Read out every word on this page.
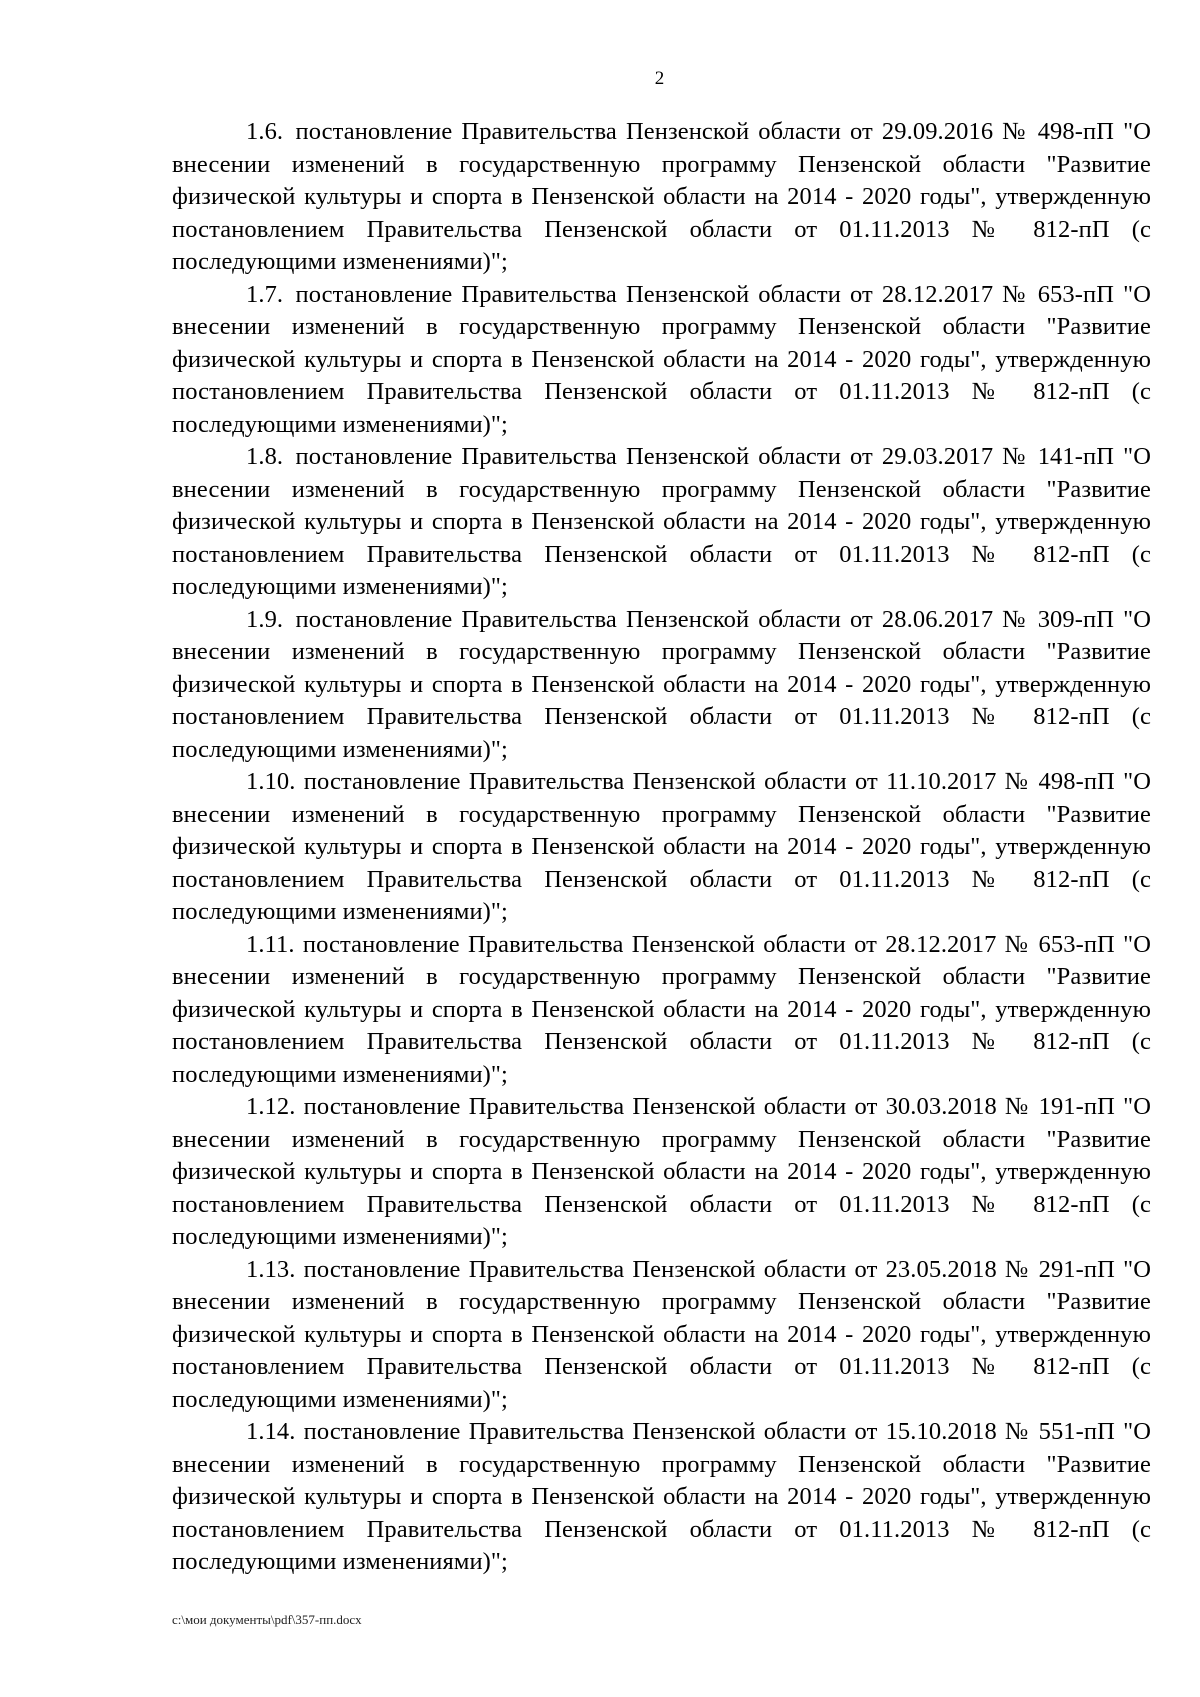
2

1.6. постановление Правительства Пензенской области от 29.09.2016 № 498-пП "О внесении изменений в государственную программу Пензенской области "Развитие физической культуры и спорта в Пензенской области на 2014 - 2020 годы", утвержденную постановлением Правительства Пензенской области от 01.11.2013 № 812-пП (с последующими изменениями)";

1.7. постановление Правительства Пензенской области от 28.12.2017 № 653-пП "О внесении изменений в государственную программу Пензенской области "Развитие физической культуры и спорта в Пензенской области на 2014 - 2020 годы", утвержденную постановлением Правительства Пензенской области от 01.11.2013 № 812-пП (с последующими изменениями)";

1.8. постановление Правительства Пензенской области от 29.03.2017 № 141-пП "О внесении изменений в государственную программу Пензенской области "Развитие физической культуры и спорта в Пензенской области на 2014 - 2020 годы", утвержденную постановлением Правительства Пензенской области от 01.11.2013 № 812-пП (с последующими изменениями)";

1.9. постановление Правительства Пензенской области от 28.06.2017 № 309-пП "О внесении изменений в государственную программу Пензенской области "Развитие физической культуры и спорта в Пензенской области на 2014 - 2020 годы", утвержденную постановлением Правительства Пензенской области от 01.11.2013 № 812-пП (с последующими изменениями)";

1.10. постановление Правительства Пензенской области от 11.10.2017 № 498-пП "О внесении изменений в государственную программу Пензенской области "Развитие физической культуры и спорта в Пензенской области на 2014 - 2020 годы", утвержденную постановлением Правительства Пензенской области от 01.11.2013 № 812-пП (с последующими изменениями)";

1.11. постановление Правительства Пензенской области от 28.12.2017 № 653-пП "О внесении изменений в государственную программу Пензенской области "Развитие физической культуры и спорта в Пензенской области на 2014 - 2020 годы", утвержденную постановлением Правительства Пензенской области от 01.11.2013 № 812-пП (с последующими изменениями)";

1.12. постановление Правительства Пензенской области от 30.03.2018 № 191-пП "О внесении изменений в государственную программу Пензенской области "Развитие физической культуры и спорта в Пензенской области на 2014 - 2020 годы", утвержденную постановлением Правительства Пензенской области от 01.11.2013 № 812-пП (с последующими изменениями)";

1.13. постановление Правительства Пензенской области от 23.05.2018 № 291-пП "О внесении изменений в государственную программу Пензенской области "Развитие физической культуры и спорта в Пензенской области на 2014 - 2020 годы", утвержденную постановлением Правительства Пензенской области от 01.11.2013 № 812-пП (с последующими изменениями)";

1.14. постановление Правительства Пензенской области от 15.10.2018 № 551-пП "О внесении изменений в государственную программу Пензенской области "Развитие физической культуры и спорта в Пензенской области на 2014 - 2020 годы", утвержденную постановлением Правительства Пензенской области от 01.11.2013 № 812-пП (с последующими изменениями)";

c:\мои документы\pdf\357-пп.docx
